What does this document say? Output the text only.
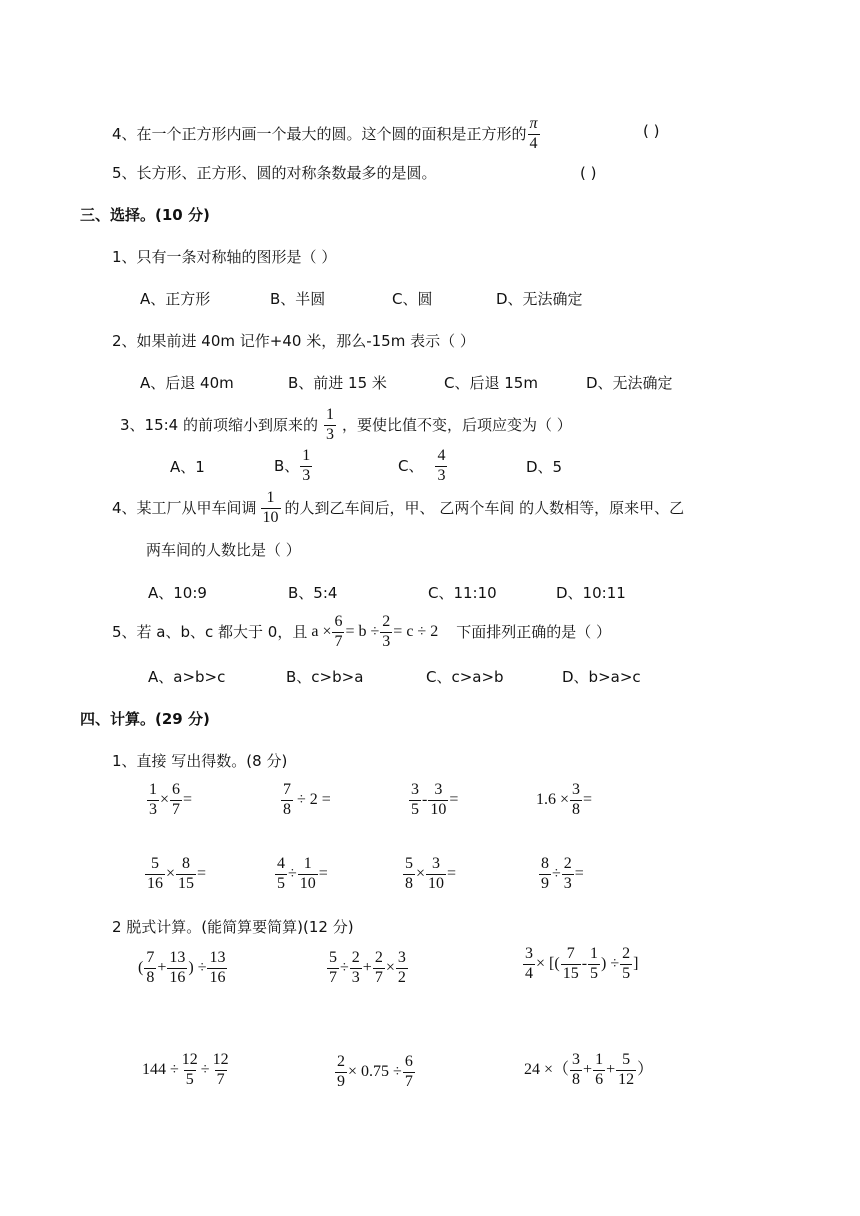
4、在一个正方形内画一个最大的圆。这个圆的面积是正方形的 $\frac{\pi}{4}$	( )
5、长方形、正方形、圆的对称条数最多的是圆。	( )
三、选择。(10 分)
1、只有一条对称轴的图形是（ ）
A、正方形	B、半圆	C、圆	D、无法确定
2、如果前进 40m 记作+40 米，那么-15m 表示（ ）
A、后退 40m	B、前进 15 米	C、后退 15m	D、无法确定
3、15:4 的前项缩小到原来的 $\frac{1}{3}$ ，要使比值不变，后项应变为（ ）
A、1	B、 $\frac{1}{3}$	C、 $\frac{4}{3}$	D、5
4、某工厂从甲车间调 $\frac{1}{10}$ 的人到乙车间后，甲、 乙两个车间 的人数相等，原来甲、乙
两车间的人数比是（ ）
A、10:9	B、5:4	C、11:10	D、10:11
5、若 a、b、c 都大于 0，且 $a \times \frac{6}{7} = b \div \frac{2}{3} = c \div 2$ 下面排列正确的是（ ）
A、a>b>c	B、c>b>a	C、c>a>b	D、b>a>c
四、计算。(29 分)
1、直接 写出得数。(8 分)
$\frac{1}{3} \times \frac{6}{7}$ =	$\frac{7}{8} \div 2$ =	$\frac{3}{5} - \frac{3}{10}$ =	$1.6 \times \frac{3}{8}$ =
$\frac{5}{16} \times \frac{8}{15}$ =	$\frac{4}{5} \div \frac{1}{10}$ =	$\frac{5}{8} \times \frac{3}{10}$ =	$\frac{8}{9} \div \frac{2}{3}$ =
2 脱式计算。(能简算要简算)(12 分)
( $\frac{7}{8} + \frac{13}{16}$ ) ÷ $\frac{13}{16}$	$\frac{5}{7} \div \frac{2}{3} + \frac{2}{7} \times \frac{3}{2}$	$\frac{3}{4}$ × [( $\frac{7}{15} - \frac{1}{5}$ ) ÷ $\frac{2}{5}$ ]
$144 \div \frac{12}{5} \div \frac{12}{7}$	$\frac{2}{9} \times 0.75 \div \frac{6}{7}$	24 ×（ $\frac{3}{8} + \frac{1}{6} + \frac{5}{12}$ ）
